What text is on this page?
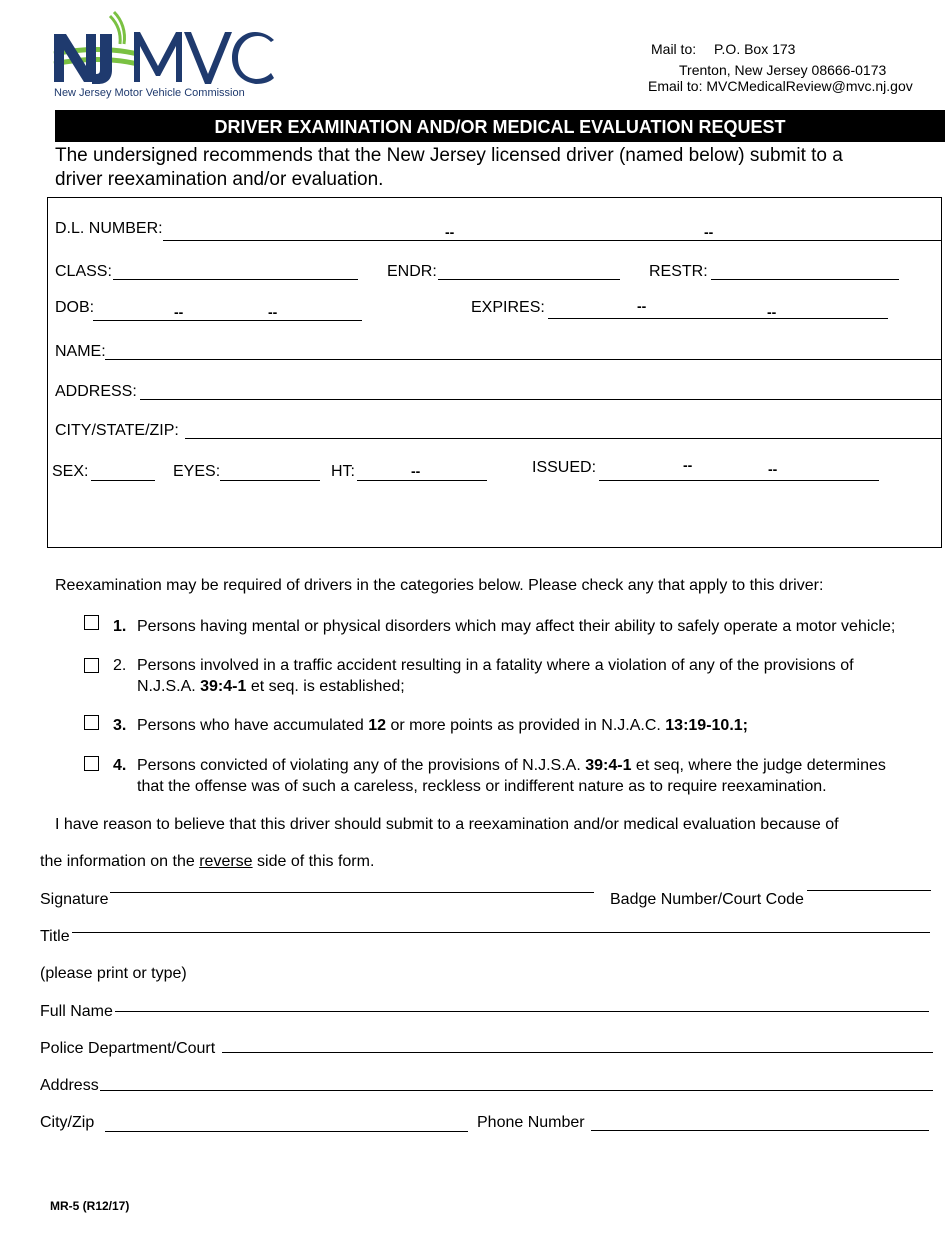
New Jersey Motor Vehicle Commission
Mail to: P.O. Box 173
Trenton, New Jersey 08666-0173
Email to: MVCMedicalReview@mvc.nj.gov
DRIVER EXAMINATION AND/OR MEDICAL EVALUATION REQUEST
The undersigned recommends that the New Jersey licensed driver (named below) submit to a
driver reexamination and/or evaluation.
D.L. NUMBER:	--	--
CLASS:	ENDR:	RESTR:
DOB:	--	--	EXPIRES:	--	--
NAME:
ADDRESS:
CITY/STATE/ZIP:
SEX:	EYES:	HT:	--	ISSUED:	--	--
Reexamination may be required of drivers in the categories below. Please check any that apply to this driver:
1. Persons having mental or physical disorders which may affect their ability to safely operate a motor vehicle;
2. Persons involved in a traffic accident resulting in a fatality where a violation of any of the provisions of
N.J.S.A. 39:4-1 et seq. is established;
3. Persons who have accumulated 12 or more points as provided in N.J.A.C. 13:19-10.1;
4. Persons convicted of violating any of the provisions of N.J.S.A. 39:4-1 et seq, where the judge determines
that the offense was of such a careless, reckless or indifferent nature as to require reexamination.
I have reason to believe that this driver should submit to a reexamination and/or medical evaluation because of
the information on the reverse side of this form.
Signature	Badge Number/Court Code
Title
(please print or type)
Full Name
Police Department/Court
Address
City/Zip	Phone Number
MR-5 (R12/17)
